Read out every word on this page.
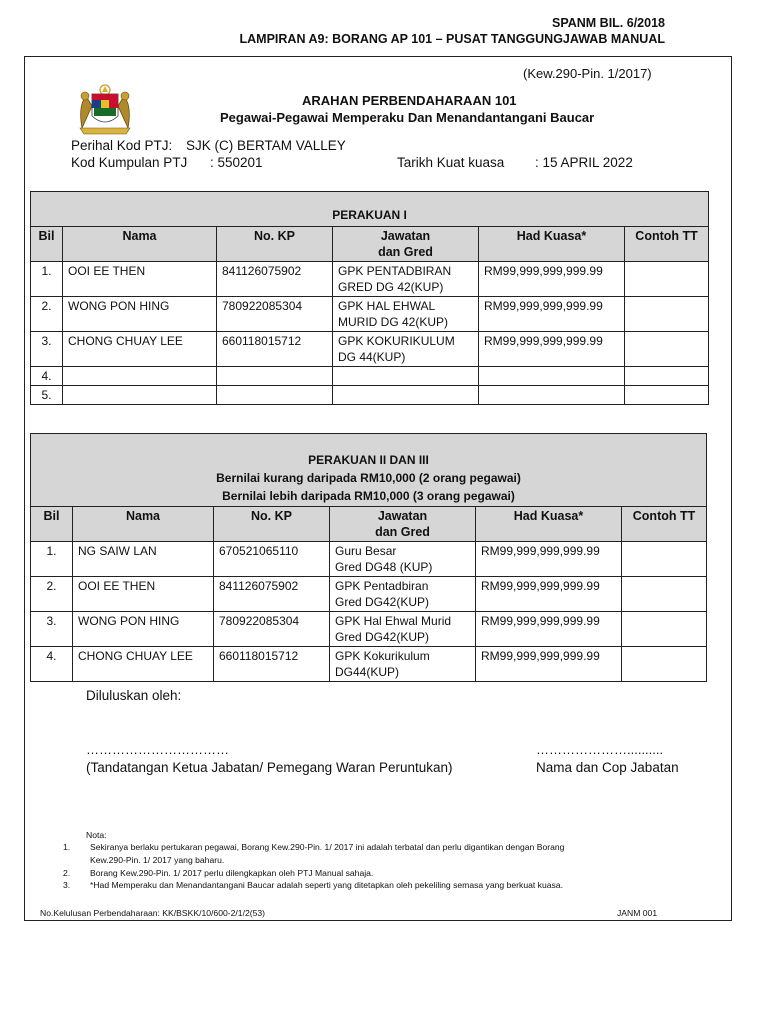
SPANM BIL. 6/2018
LAMPIRAN A9: BORANG AP 101 – PUSAT TANGGUNGJAWAB MANUAL
(Kew.290-Pin. 1/2017)
ARAHAN PERBENDAHARAAN 101
Pegawai-Pegawai Memperaku Dan Menandantangani Baucar
Perihal Kod PTJ: SJK (C) BERTAM VALLEY
Kod Kumpulan PTJ : 550201	Tarikh Kuat kuasa : 15 APRIL 2022
PERAKUAN I					
Bil	Nama	No. KP	Jawatan
dan Gred	Had Kuasa*	Contoh TT
1.	OOI EE THEN	841126075902	GPK PENTADBIRAN
GRED DG 42(KUP)	RM99,999,999,999.99	
2.	WONG PON HING	780922085304	GPK HAL EHWAL
MURID DG 42(KUP)	RM99,999,999,999.99	
3.	CHONG CHUAY LEE	660118015712	GPK KOKURIKULUM
DG 44(KUP)	RM99,999,999,999.99	
4.					
5.					
PERAKUAN II DAN III
Bernilai kurang daripada RM10,000 (2 orang pegawai)
Bernilai lebih daripada RM10,000 (3 orang pegawai)					

Bil	Nama	No. KP	Jawatan
dan Gred	Had Kuasa*	Contoh TT
1.	NG SAIW LAN	670521065110	Guru Besar
Gred DG48 (KUP)	RM99,999,999,999.99	
2.	OOI EE THEN	841126075902	GPK Pentadbiran
Gred DG42(KUP)	RM99,999,999,999.99	
3.	WONG PON HING	780922085304	GPK Hal Ehwal Murid
Gred DG42(KUP)	RM99,999,999,999.99	
4.	CHONG CHUAY LEE	660118015712	GPK Kokurikulum
DG44(KUP)	RM99,999,999,999.99	
Diluluskan oleh:
……………………………	…………………..........
(Tandatangan Ketua Jabatan/ Pemegang Waran Peruntukan)	Nama dan Cop Jabatan
Nota:
1. Sekiranya berlaku pertukaran pegawai, Borang Kew.290-Pin. 1/ 2017 ini adalah terbatal dan perlu digantikan dengan Borang
Kew.290-Pin. 1/ 2017 yang baharu.
2. Borang Kew.290-Pin. 1/ 2017 perlu dilengkapkan oleh PTJ Manual sahaja.
3. *Had Memperaku dan Menandantangani Baucar adalah seperti yang ditetapkan oleh pekeliling semasa yang berkuat kuasa.
No.Kelulusan Perbendaharaan: KK/BSKK/10/600-2/1/2(53)	JANM 001
